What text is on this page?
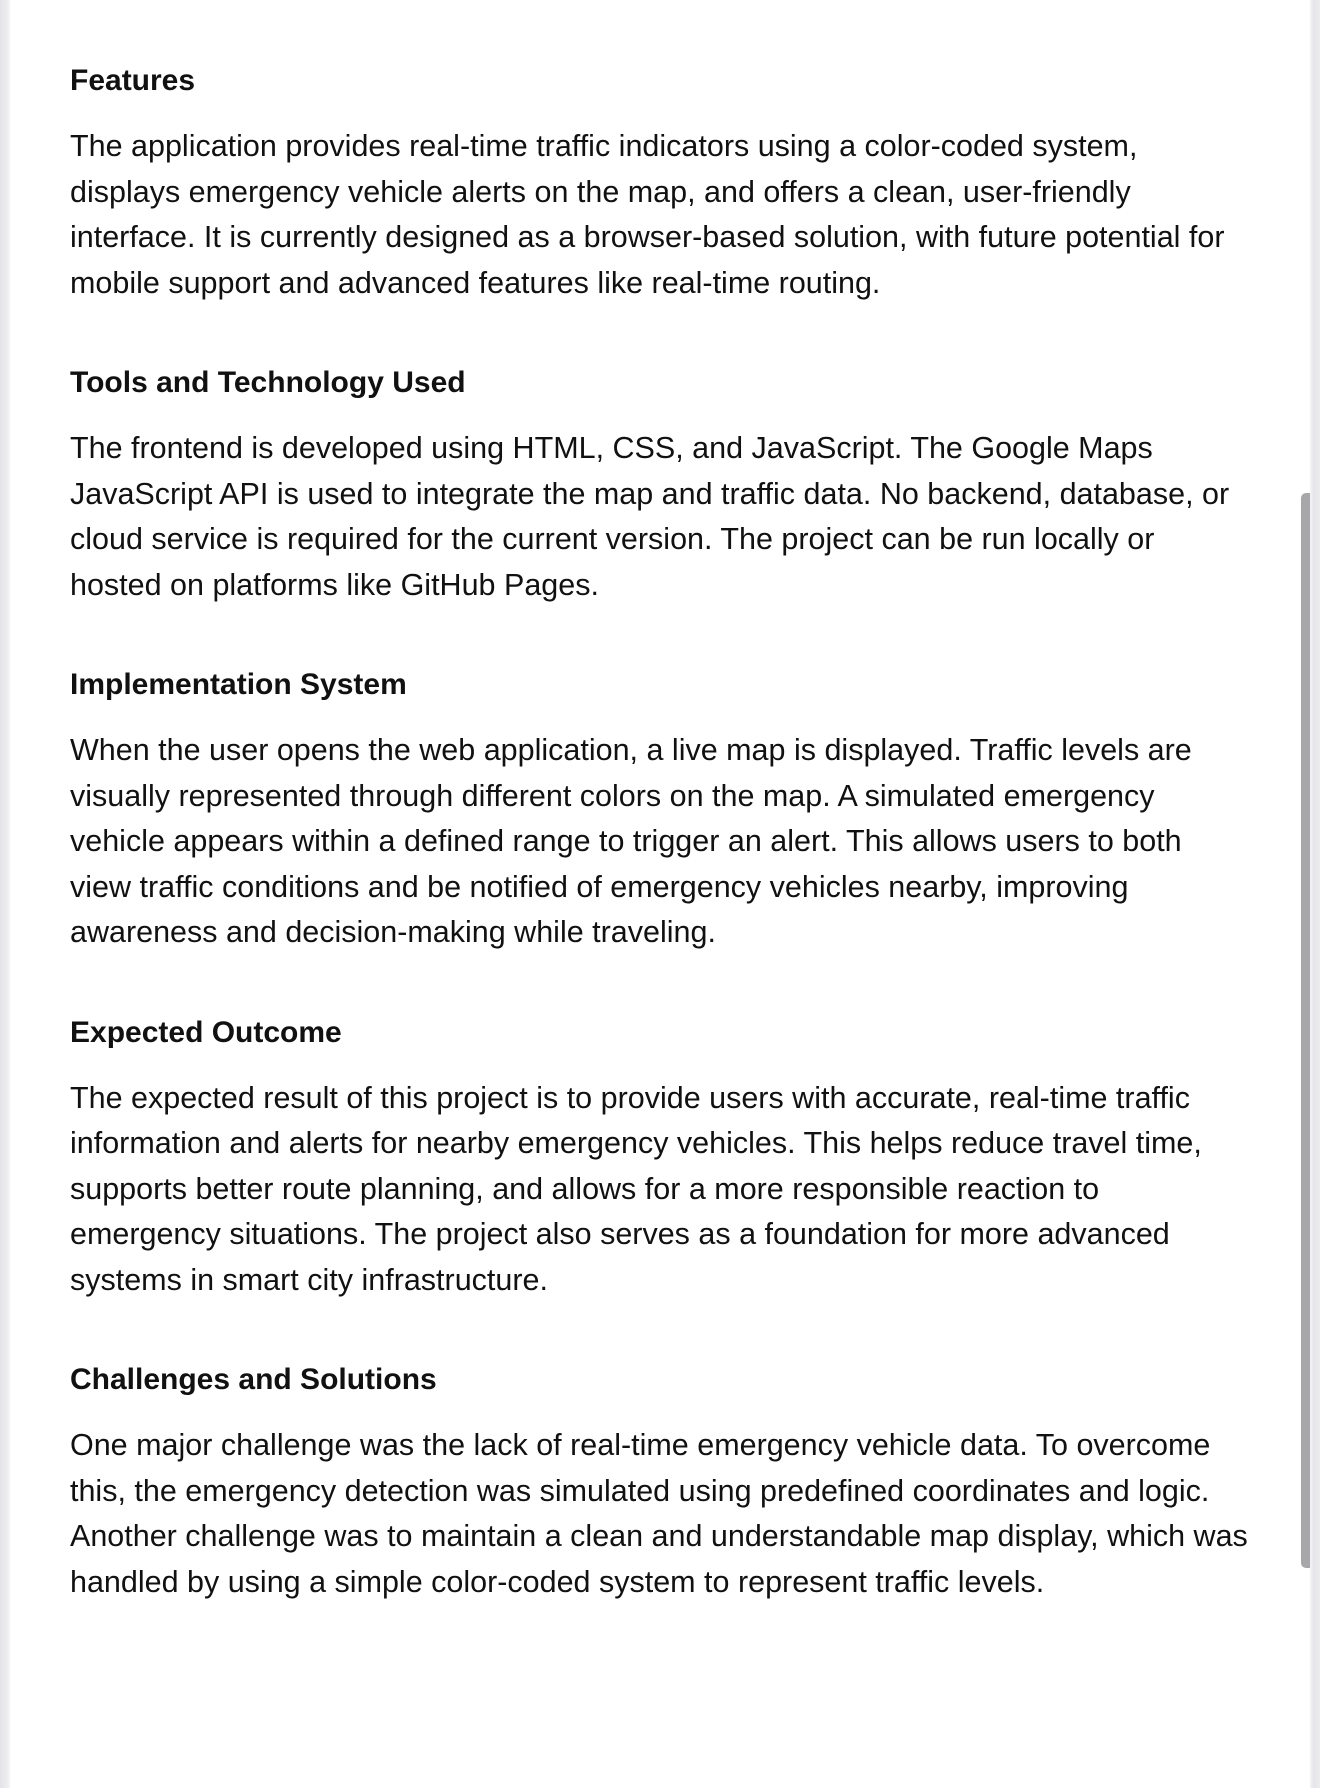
Features

The application provides real-time traffic indicators using a color-coded system, displays emergency vehicle alerts on the map, and offers a clean, user-friendly interface. It is currently designed as a browser-based solution, with future potential for mobile support and advanced features like real-time routing.

Tools and Technology Used

The frontend is developed using HTML, CSS, and JavaScript. The Google Maps JavaScript API is used to integrate the map and traffic data. No backend, database, or cloud service is required for the current version. The project can be run locally or hosted on platforms like GitHub Pages.

Implementation System

When the user opens the web application, a live map is displayed. Traffic levels are visually represented through different colors on the map. A simulated emergency vehicle appears within a defined range to trigger an alert. This allows users to both view traffic conditions and be notified of emergency vehicles nearby, improving awareness and decision-making while traveling.

Expected Outcome

The expected result of this project is to provide users with accurate, real-time traffic information and alerts for nearby emergency vehicles. This helps reduce travel time, supports better route planning, and allows for a more responsible reaction to emergency situations. The project also serves as a foundation for more advanced systems in smart city infrastructure.

Challenges and Solutions

One major challenge was the lack of real-time emergency vehicle data. To overcome this, the emergency detection was simulated using predefined coordinates and logic. Another challenge was to maintain a clean and understandable map display, which was handled by using a simple color-coded system to represent traffic levels.
